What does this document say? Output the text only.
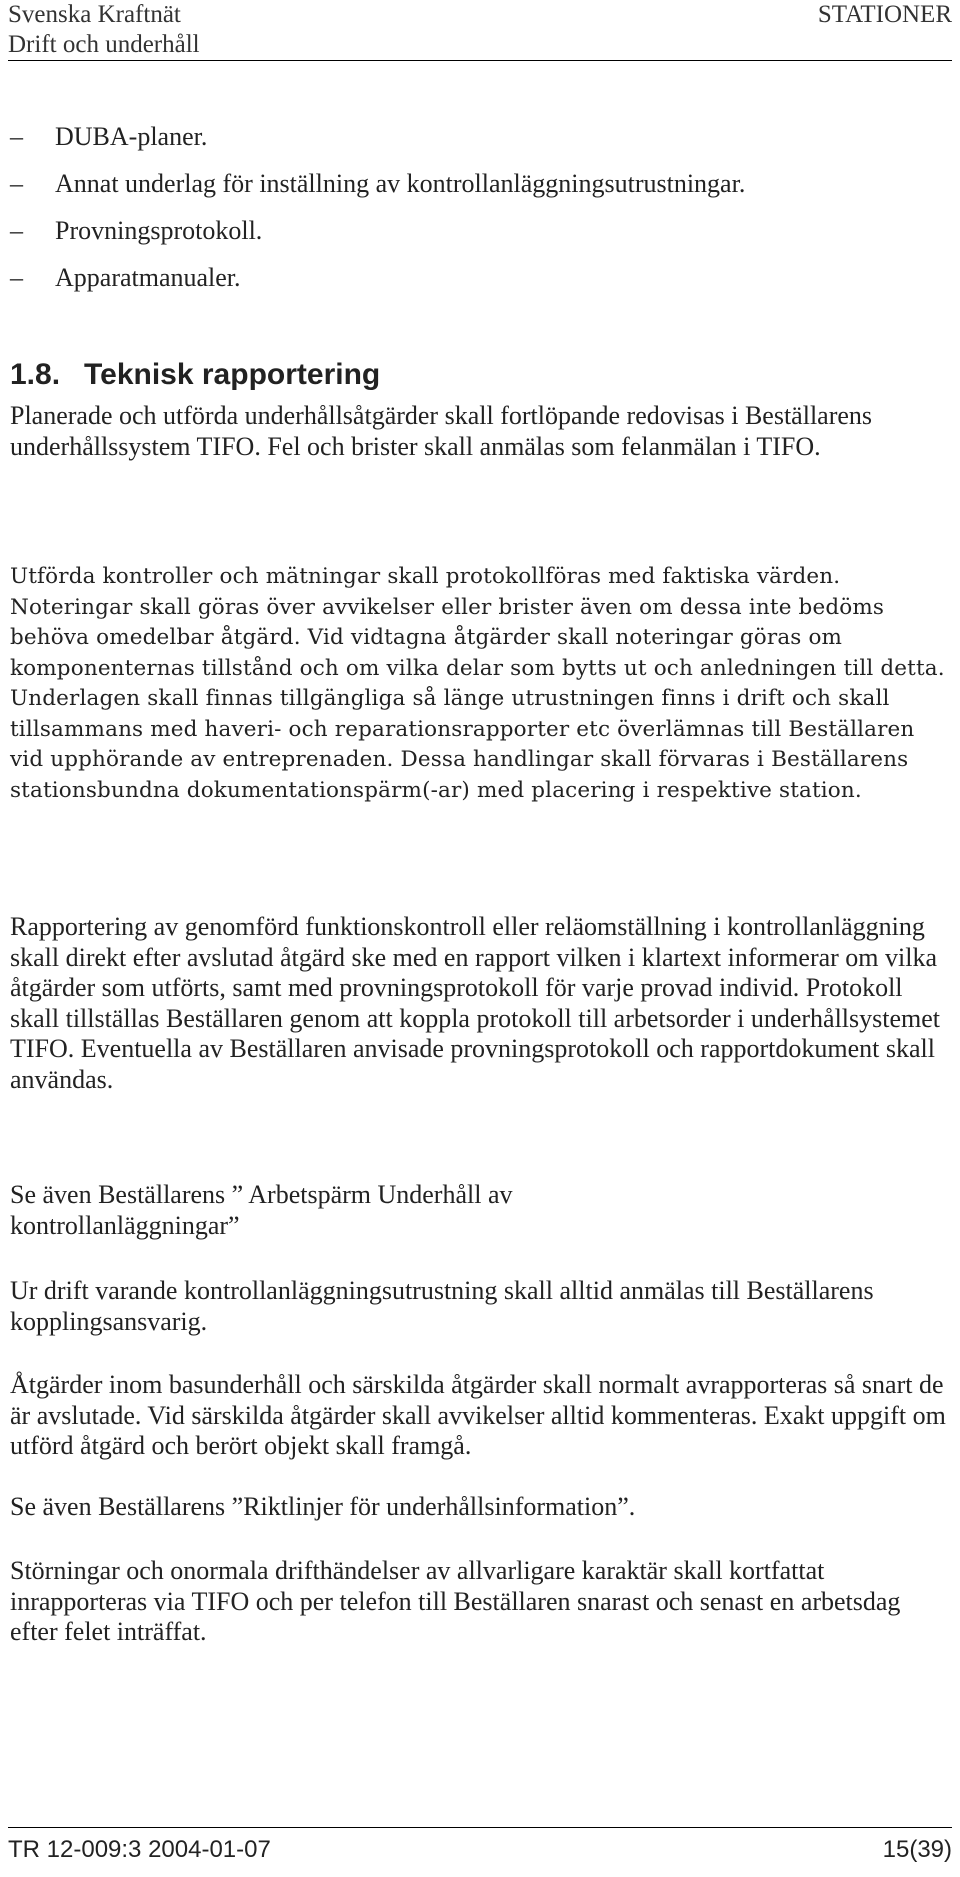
Svenska Kraftnät	STATIONER
Drift och underhåll
–	DUBA-planer.
–	Annat underlag för inställning av kontrollanläggningsutrustningar.
–	Provningsprotokoll.
–	Apparatmanualer.
1.8. Teknisk rapportering

Planerade och utförda underhållsåtgärder skall fortlöpande redovisas i Beställarens underhållssystem TIFO. Fel och brister skall anmälas som felanmälan i TIFO.

Utförda kontroller och mätningar skall protokollföras med faktiska värden. Noteringar skall göras över avvikelser eller brister även om dessa inte bedöms behöva omedelbar åtgärd. Vid vidtagna åtgärder skall noteringar göras om komponenternas tillstånd och om vilka delar som bytts ut och anledningen till detta. Underlagen skall finnas tillgängliga så länge utrustningen finns i drift och skall tillsammans med haveri- och reparationsrapporter etc överlämnas till Beställaren vid upphörande av entreprenaden. Dessa handlingar skall förvaras i Beställarens stationsbundna dokumentationspärm(-ar) med placering i respektive station.

Rapportering av genomförd funktionskontroll eller reläomställning i kontrollanläggning skall direkt efter avslutad åtgärd ske med en rapport vilken i klartext informerar om vilka åtgärder som utförts, samt med provningsprotokoll för varje provad individ. Protokoll skall tillställas Beställaren genom att koppla protokoll till arbetsorder i underhållsystemet TIFO. Eventuella av Beställaren anvisade provningsprotokoll och rapportdokument skall användas.

Se även Beställarens ” Arbetspärm Underhåll av kontrollanläggningar”

Ur drift varande kontrollanläggningsutrustning skall alltid anmälas till Beställarens kopplingsansvarig.

Åtgärder inom basunderhåll och särskilda åtgärder skall normalt avrapporteras så snart de är avslutade. Vid särskilda åtgärder skall avvikelser alltid kommenteras. Exakt uppgift om utförd åtgärd och berört objekt skall framgå.

Se även Beställarens ”Riktlinjer för underhållsinformation”.

Störningar och onormala drifthändelser av allvarligare karaktär skall kortfattat inrapporteras via TIFO och per telefon till Beställaren snarast och senast en arbetsdag efter felet inträffat.

TR 12-009:3 2004-01-07	15(39)
